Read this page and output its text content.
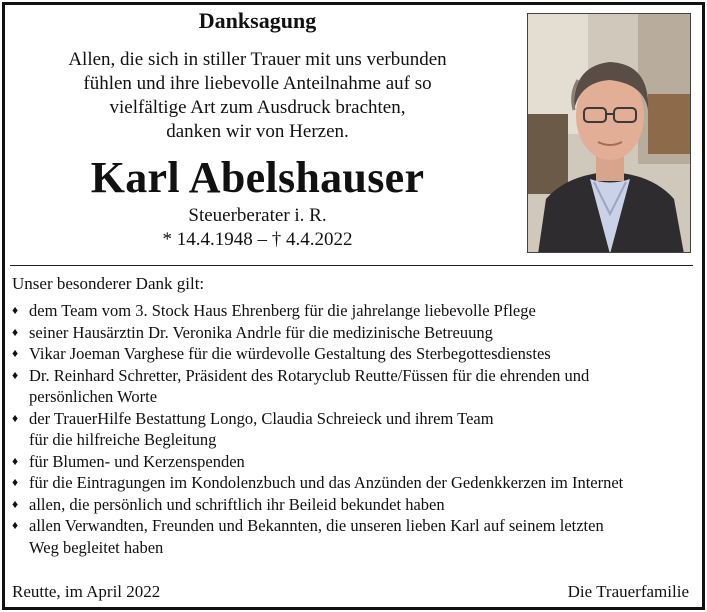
Danksagung
Allen, die sich in stiller Trauer mit uns verbunden
fühlen und ihre liebevolle Anteilnahme auf so
vielfältige Art zum Ausdruck brachten,
danken wir von Herzen.
Karl Abelshauser
Steuerberater i. R.
* 14.4.1948 – † 4.4.2022
Unser besonderer Dank gilt:
♦ dem Team vom 3. Stock Haus Ehrenberg für die jahrelange liebevolle Pflege
♦ seiner Hausärztin Dr. Veronika Andrle für die medizinische Betreuung
♦ Vikar Joeman Varghese für die würdevolle Gestaltung des Sterbegottesdienstes
♦ Dr. Reinhard Schretter, Präsident des Rotaryclub Reutte/Füssen für die ehrenden und
persönlichen Worte
♦ der TrauerHilfe Bestattung Longo, Claudia Schreieck und ihrem Team
für die hilfreiche Begleitung
♦ für Blumen- und Kerzenspenden
♦ für die Eintragungen im Kondolenzbuch und das Anzünden der Gedenkkerzen im Internet
♦ allen, die persönlich und schriftlich ihr Beileid bekundet haben
♦ allen Verwandten, Freunden und Bekannten, die unseren lieben Karl auf seinem letzten
Weg begleitet haben
Reutte, im April 2022	Die Trauerfamilie
